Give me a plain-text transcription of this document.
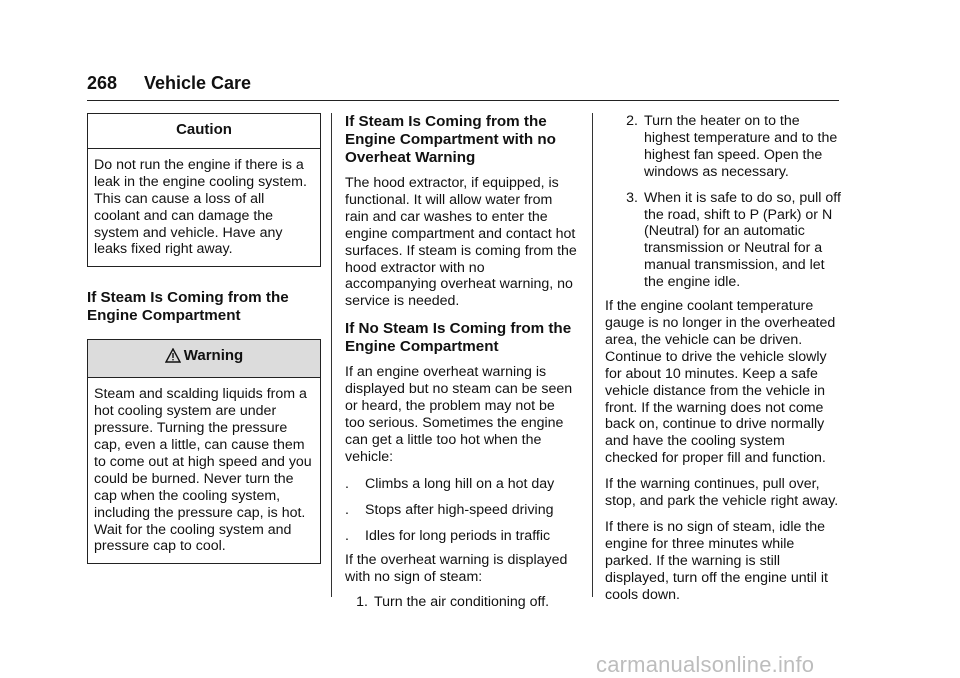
268 Vehicle Care
Caution
Do not run the engine if there is a leak in the engine cooling system. This can cause a loss of all coolant and can damage the system and vehicle. Have any leaks fixed right away.
If Steam Is Coming from the Engine Compartment
Warning
Steam and scalding liquids from a hot cooling system are under pressure. Turning the pressure cap, even a little, can cause them to come out at high speed and you could be burned. Never turn the cap when the cooling system, including the pressure cap, is hot. Wait for the cooling system and pressure cap to cool.
If Steam Is Coming from the Engine Compartment with no Overheat Warning

The hood extractor, if equipped, is functional. It will allow water from rain and car washes to enter the engine compartment and contact hot surfaces. If steam is coming from the hood extractor with no accompanying overheat warning, no service is needed.

If No Steam Is Coming from the Engine Compartment

If an engine overheat warning is displayed but no steam can be seen or heard, the problem may not be too serious. Sometimes the engine can get a little too hot when the vehicle:

.	Climbs a long hill on a hot day
.	Stops after high-speed driving
.	Idles for long periods in traffic

If the overheat warning is displayed with no sign of steam:

1. Turn the air conditioning off.
2. Turn the heater on to the highest temperature and to the highest fan speed. Open the windows as necessary.
3. When it is safe to do so, pull off the road, shift to P (Park) or N (Neutral) for an automatic transmission or Neutral for a manual transmission, and let the engine idle.

If the engine coolant temperature gauge is no longer in the overheated area, the vehicle can be driven. Continue to drive the vehicle slowly for about 10 minutes. Keep a safe vehicle distance from the vehicle in front. If the warning does not come back on, continue to drive normally and have the cooling system checked for proper fill and function.

If the warning continues, pull over, stop, and park the vehicle right away.

If there is no sign of steam, idle the engine for three minutes while parked. If the warning is still displayed, turn off the engine until it cools down.

carmanualsonline.info
